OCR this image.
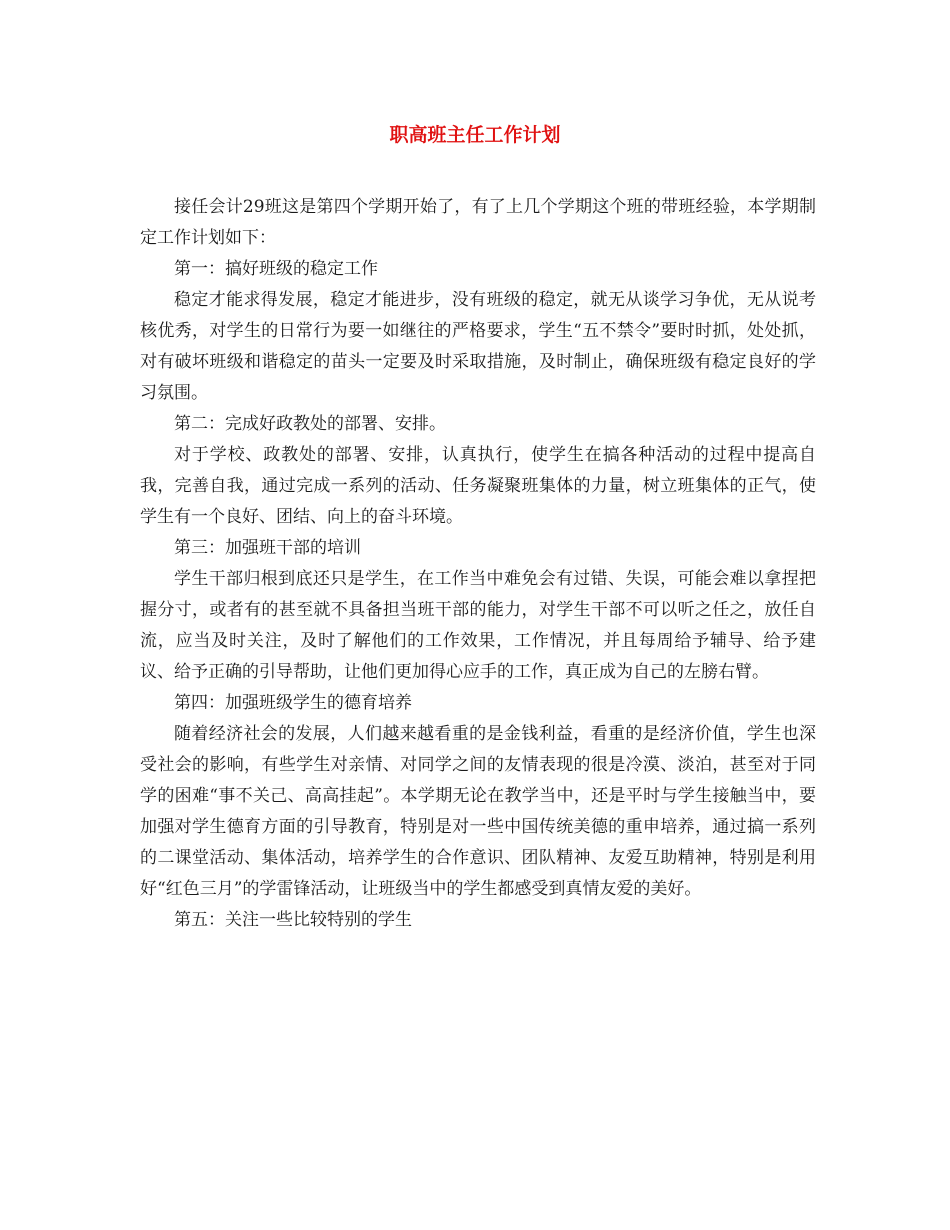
职高班主任工作计划

接任会计29班这是第四个学期开始了，有了上几个学期这个班的带班经验，本学期制定工作计划如下：

第一：搞好班级的稳定工作

稳定才能求得发展，稳定才能进步，没有班级的稳定，就无从谈学习争优，无从说考核优秀，对学生的日常行为要一如继往的严格要求，学生“五不禁令”要时时抓，处处抓，对有破坏班级和谐稳定的苗头一定要及时采取措施，及时制止，确保班级有稳定良好的学习氛围。

第二：完成好政教处的部署、安排。

对于学校、政教处的部署、安排，认真执行，使学生在搞各种活动的过程中提高自我，完善自我，通过完成一系列的活动、任务凝聚班集体的力量，树立班集体的正气，使学生有一个良好、团结、向上的奋斗环境。

第三：加强班干部的培训

学生干部归根到底还只是学生，在工作当中难免会有过错、失误，可能会难以拿捏把握分寸，或者有的甚至就不具备担当班干部的能力，对学生干部不可以听之任之，放任自流，应当及时关注，及时了解他们的工作效果，工作情况，并且每周给予辅导、给予建议、给予正确的引导帮助，让他们更加得心应手的工作，真正成为自己的左膀右臂。

第四：加强班级学生的德育培养

随着经济社会的发展，人们越来越看重的是金钱利益，看重的是经济价值，学生也深受社会的影响，有些学生对亲情、对同学之间的友情表现的很是冷漠、淡泊，甚至对于同学的困难“事不关己、高高挂起”。本学期无论在教学当中，还是平时与学生接触当中，要加强对学生德育方面的引导教育，特别是对一些中国传统美德的重申培养，通过搞一系列的二课堂活动、集体活动，培养学生的合作意识、团队精神、友爱互助精神，特别是利用好“红色三月”的学雷锋活动，让班级当中的学生都感受到真情友爱的美好。

第五：关注一些比较特别的学生
